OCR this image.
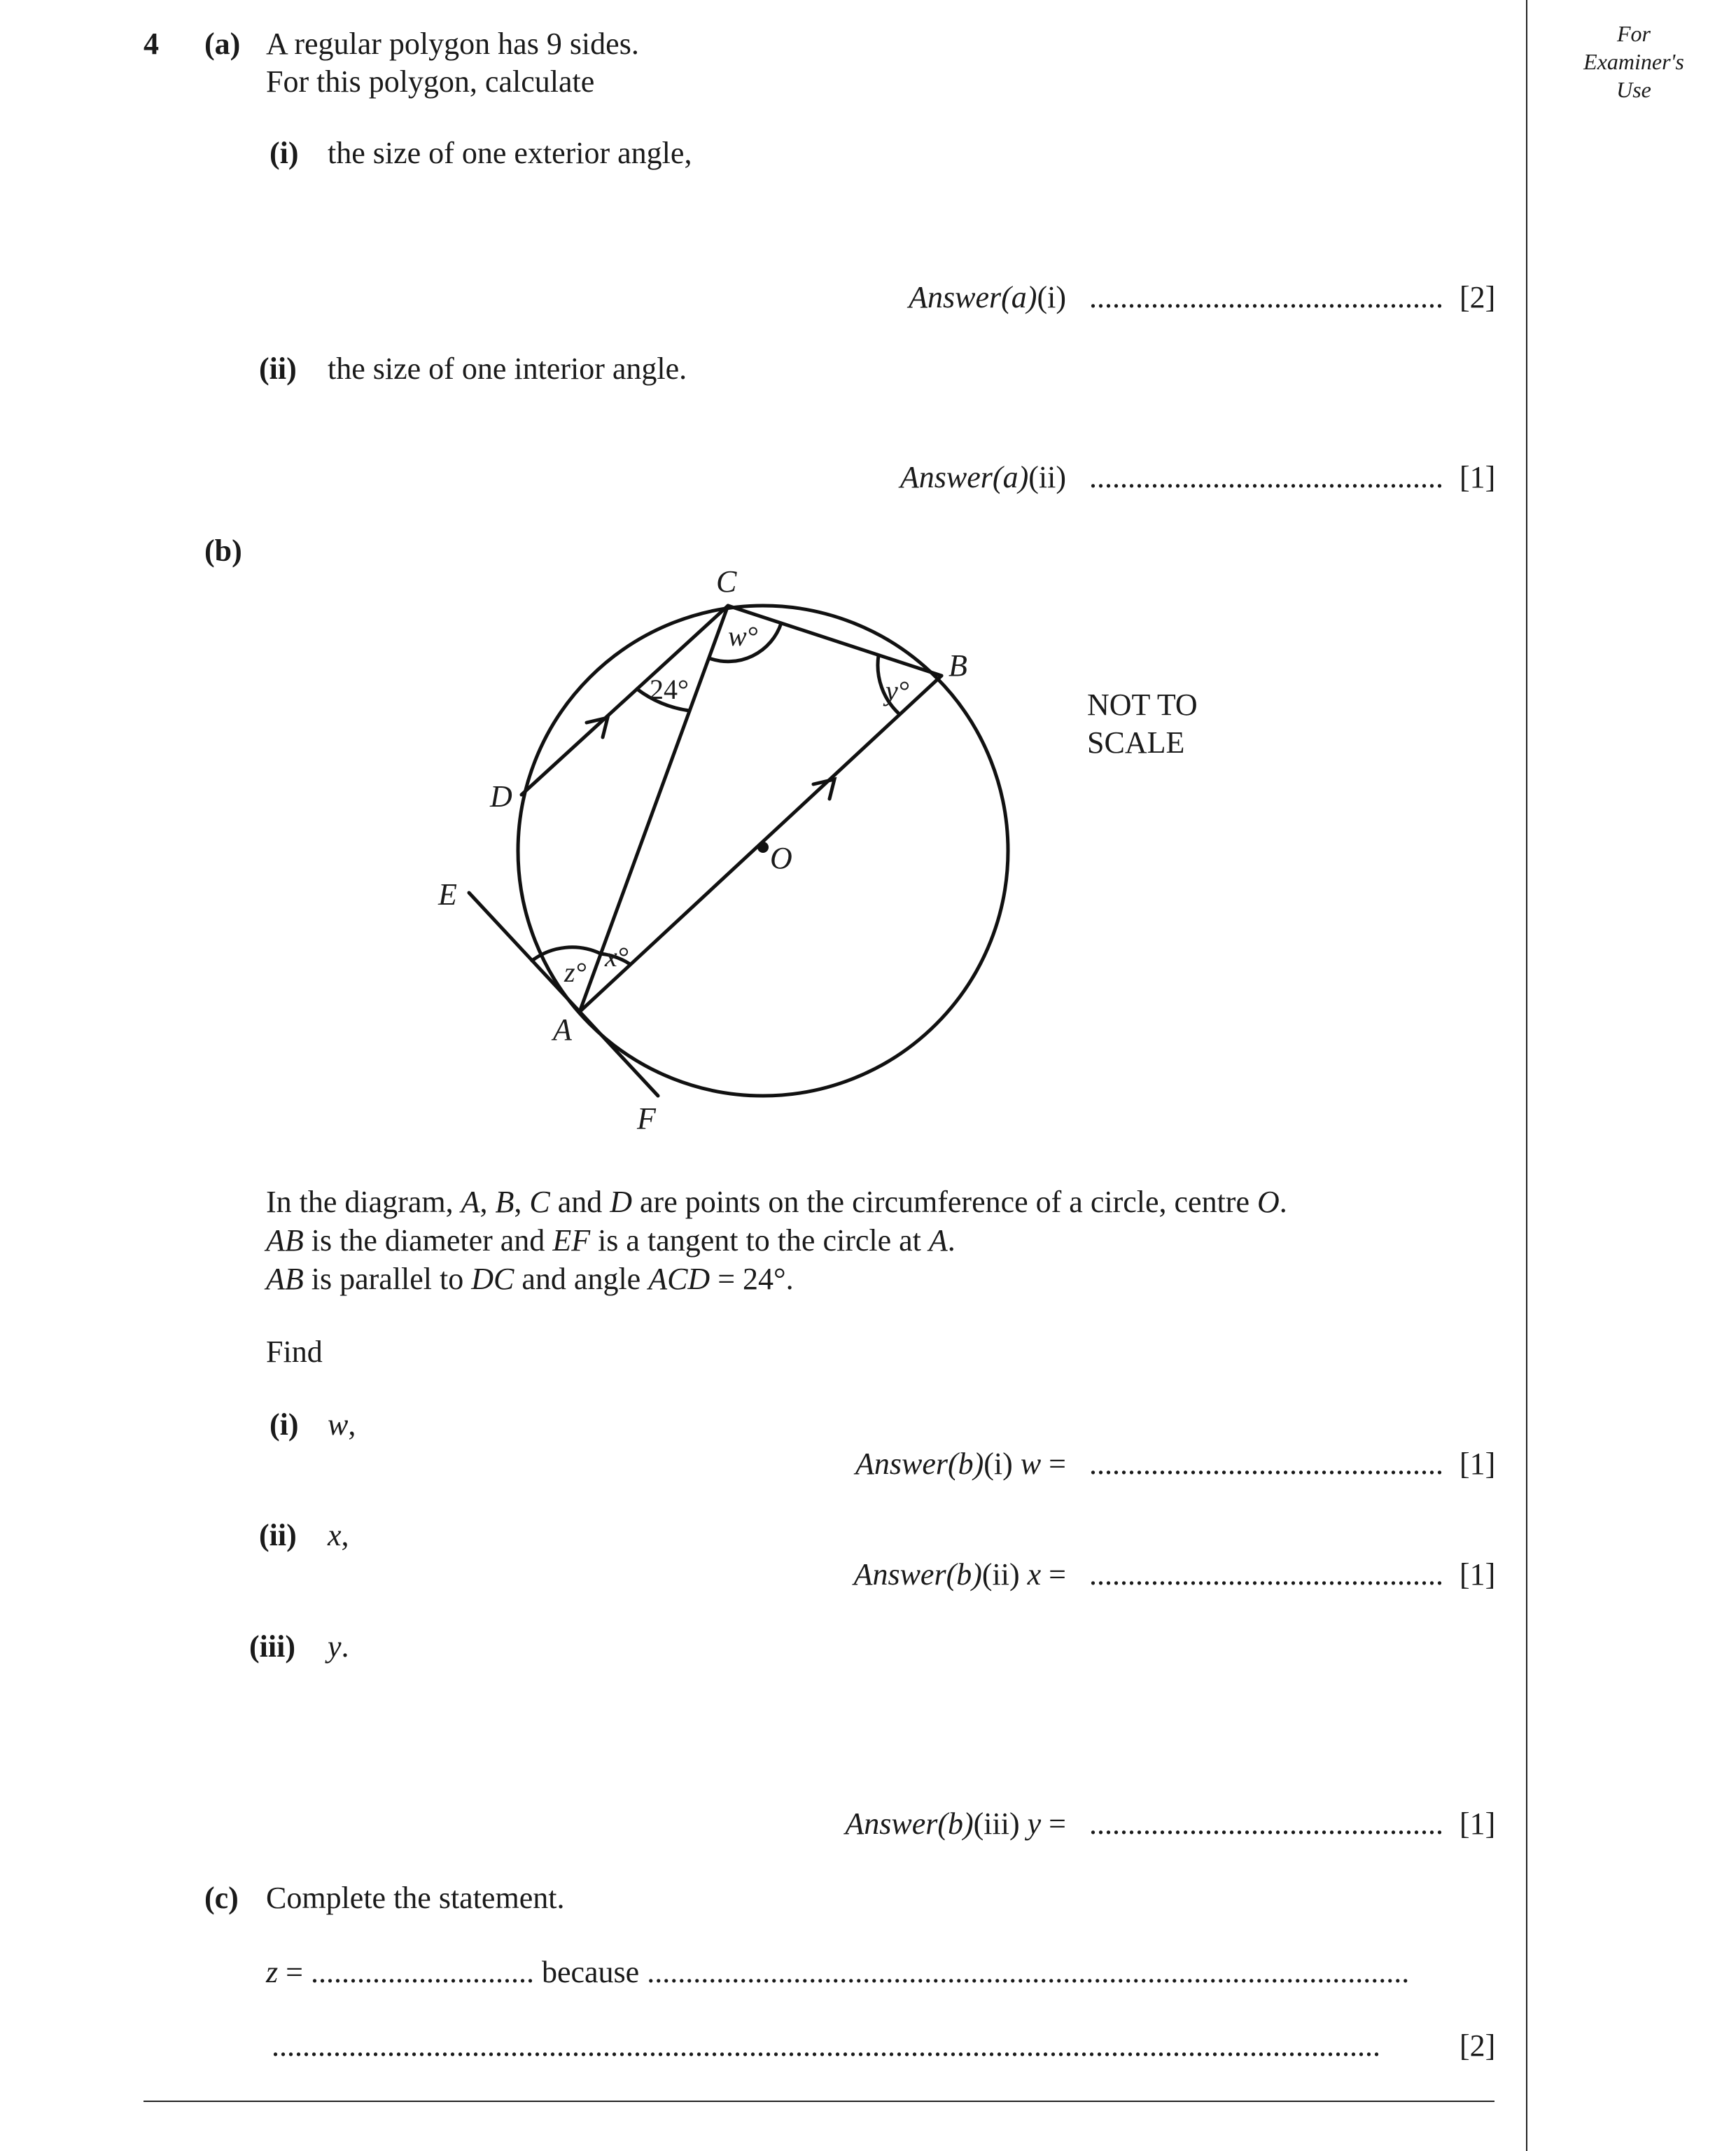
For
Examiner's
Use
4 (a) A regular polygon has 9 sides.
For this polygon, calculate
(i) the size of one exterior angle,
Answer(a)(i) .............................................. [2]
(ii) the size of one interior angle.
Answer(a)(ii) .............................................. [1]
(b)
C
B
D
E
O
A
F
w°
24°	y°
z° x°
NOT TO
SCALE
In the diagram, A, B, C and D are points on the circumference of a circle, centre O.
AB is the diameter and EF is a tangent to the circle at A.
AB is parallel to DC and angle ACD = 24°.
Find
(i) w,
Answer(b)(i) w = .............................................. [1]
(ii) x,
Answer(b)(ii) x = .............................................. [1]
(iii) y.
Answer(b)(iii) y = .............................................. [1]
(c) Complete the statement.
z = ............................. because ...................................................................................................
................................................................................................................................................	[2]
